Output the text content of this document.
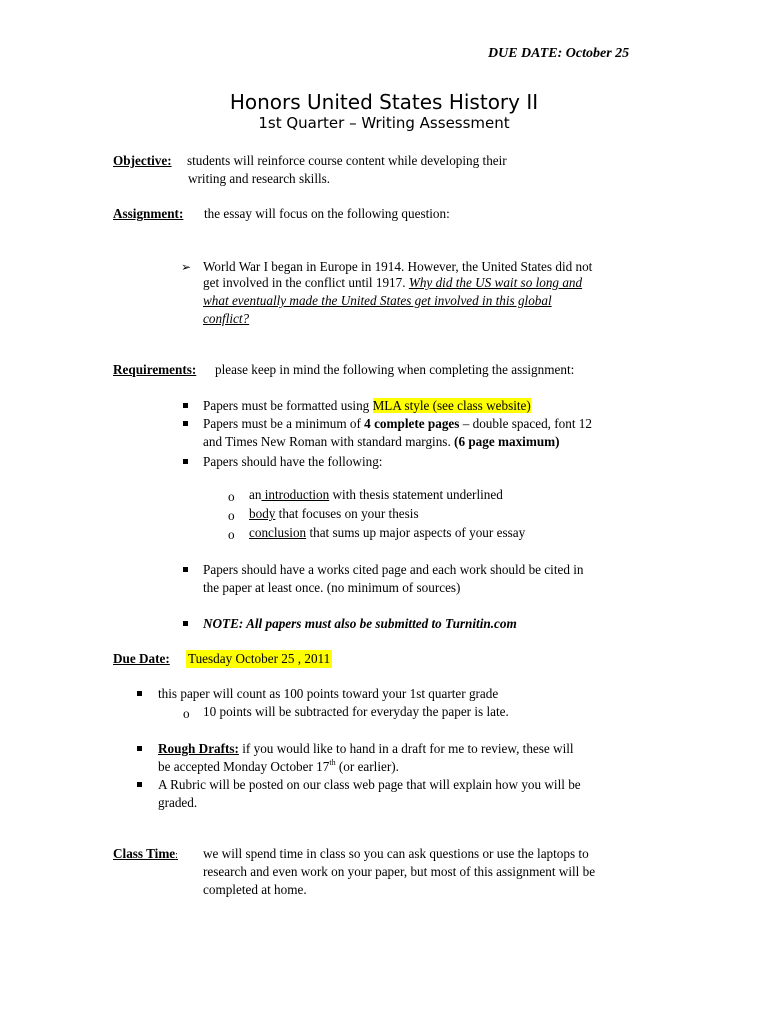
DUE DATE: October 25
Honors United States History II
1st Quarter – Writing Assessment
Objective: students will reinforce course content while developing their
writing and research skills.
Assignment: the essay will focus on the following question:
➢ World War I began in Europe in 1914. However, the United States did not
get involved in the conflict until 1917. Why did the US wait so long and
what eventually made the United States get involved in this global
conflict?
Requirements: please keep in mind the following when completing the assignment:
Papers must be formatted using MLA style (see class website)
Papers must be a minimum of 4 complete pages – double spaced, font 12
and Times New Roman with standard margins. (6 page maximum)
Papers should have the following:
o an introduction with thesis statement underlined
o body that focuses on your thesis
o conclusion that sums up major aspects of your essay
Papers should have a works cited page and each work should be cited in
the paper at least once. (no minimum of sources)
NOTE: All papers must also be submitted to Turnitin.com
Due Date: Tuesday October 25 , 2011
this paper will count as 100 points toward your 1st quarter grade
o 10 points will be subtracted for everyday the paper is late.
Rough Drafts: if you would like to hand in a draft for me to review, these will
be accepted Monday October 17th (or earlier).
A Rubric will be posted on our class web page that will explain how you will be
graded.
Class Time: we will spend time in class so you can ask questions or use the laptops to
research and even work on your paper, but most of this assignment will be
completed at home.
